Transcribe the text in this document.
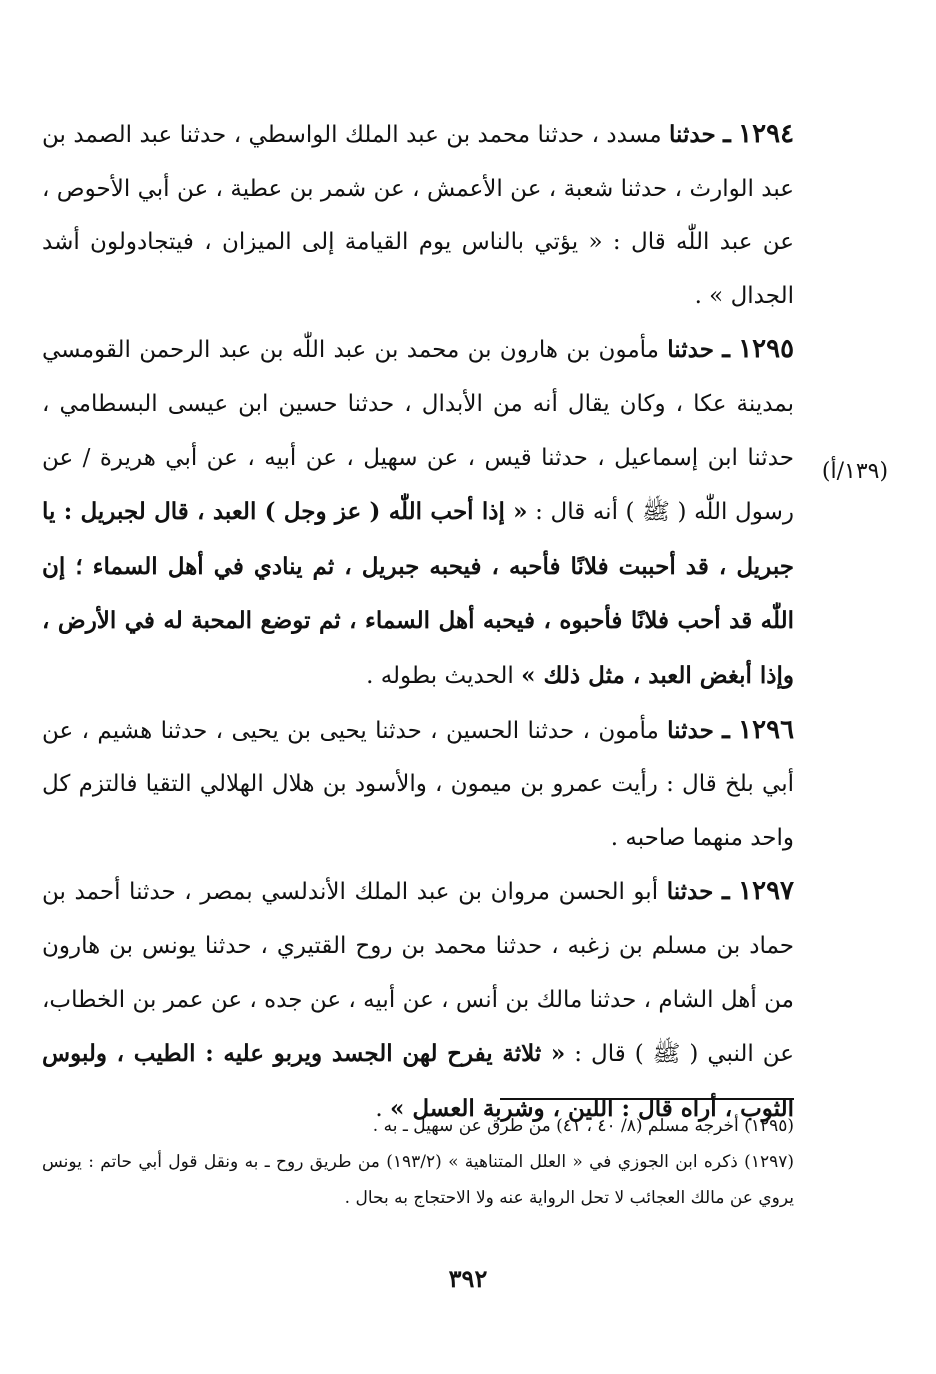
١٢٩٤ ـ حدثنا مسدد ، حدثنا محمد بن عبد الملك الواسطي ، حدثنا عبد الصمد بن عبد الوارث ، حدثنا شعبة ، عن الأعمش ، عن شمر بن عطية ، عن أبي الأحوص ، عن عبد اللّٰه قال : « يؤتي بالناس يوم القيامة إلى الميزان ، فيتجادولون أشد الجدال » .

١٢٩٥ ـ حدثنا مأمون بن هارون بن محمد بن عبد اللّٰه بن عبد الرحمن القومسي بمدينة عكا ، وكان يقال أنه من الأبدال ، حدثنا حسين ابن عيسى البسطامي ، حدثنا ابن إسماعيل ، حدثنا قيس ، عن سهيل ، عن أبيه ، عن أبي هريرة / عن رسول اللّٰه ( ﷺ ) أنه قال : « إذا أحب اللّٰه ( عز وجل ) العبد ، قال لجبريل : يا جبريل ، قد أحببت فلانًا فأحبه ، فيحبه جبريل ، ثم ينادي في أهل السماء ؛ إن اللّٰه قد أحب فلانًا فأحبوه ، فيحبه أهل السماء ، ثم توضع المحبة له في الأرض ، وإذا أبغض العبد ، مثل ذلك » الحديث بطوله .

١٢٩٦ ـ حدثنا مأمون ، حدثنا الحسين ، حدثنا يحيى بن يحيى ، حدثنا هشيم ، عن أبي بلخ قال : رأيت عمرو بن ميمون ، والأسود بن هلال الهلالي التقيا فالتزم كل واحد منهما صاحبه .

١٢٩٧ ـ حدثنا أبو الحسن مروان بن عبد الملك الأندلسي بمصر ، حدثنا أحمد بن حماد بن مسلم بن زغبه ، حدثنا محمد بن روح القتيري ، حدثنا يونس بن هارون من أهل الشام ، حدثنا مالك بن أنس ، عن أبيه ، عن جده ، عن عمر بن الخطاب، عن النبي ( ﷺ ) قال : « ثلاثة يفرح لهن الجسد ويربو عليه : الطيب ، ولبوس الثوب ، أراه قال : اللين ، وشربة العسل » .

(١٣٩/أ)

(١٢٩٥) أخرجه مسلم (٨/ ٤٠ ، ٤١) من طرق عن سهيل ـ به .

(١٢٩٧) ذكره ابن الجوزي في « العلل المتناهية » (١٩٣/٢) من طريق روح ـ به ونقل قول أبي حاتم : يونس يروي عن مالك العجائب لا تحل الرواية عنه ولا الاحتجاج به بحال .

٣٩٢
